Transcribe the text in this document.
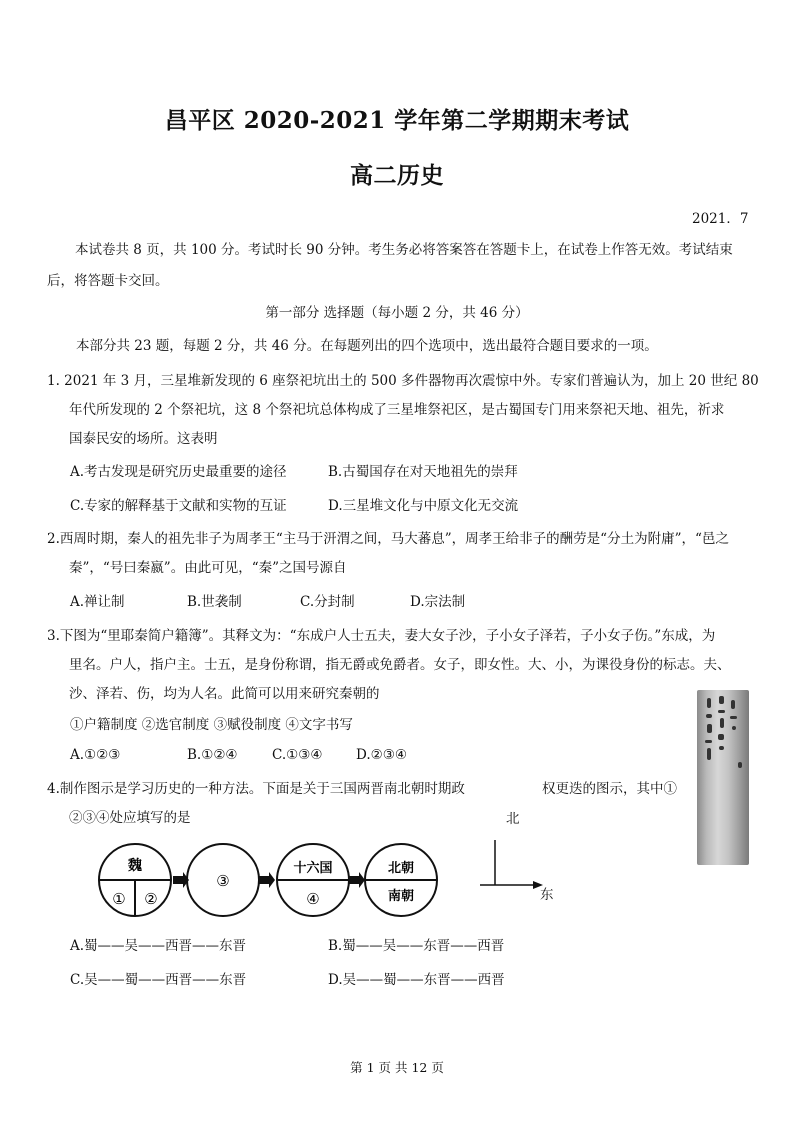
昌平区 2020-2021 学年第二学期期末考试
高二历史
2021．7
本试卷共 8 页，共 100 分。考试时长 90 分钟。考生务必将答案答在答题卡上，在试卷上作答无效。考试结束
后，将答题卡交回。
第一部分 选择题（每小题 2 分，共 46 分）
本部分共 23 题，每题 2 分，共 46 分。在每题列出的四个选项中，选出最符合题目要求的一项。
1. 2021 年 3 月，三星堆新发现的 6 座祭祀坑出土的 500 多件器物再次震惊中外。专家们普遍认为，加上 20 世纪 80
年代所发现的 2 个祭祀坑，这 8 个祭祀坑总体构成了三星堆祭祀区，是古蜀国专门用来祭祀天地、祖先，祈求
国泰民安的场所。这表明
A.考古发现是研究历史最重要的途径	B.古蜀国存在对天地祖先的崇拜
C.专家的解释基于文献和实物的互证	D.三星堆文化与中原文化无交流
2.西周时期，秦人的祖先非子为周孝王“主马于汧渭之间，马大蕃息”，周孝王给非子的酬劳是“分土为附庸”，“邑之
秦”，“号曰秦嬴”。由此可见，“秦”之国号源自
A.禅让制	B.世袭制	C.分封制	D.宗法制
3.下图为“里耶秦简户籍簿”。其释文为：“东成户人士五夫，妻大女子沙，子小女子泽若，子小女子伤。”东成，为
里名。户人，指户主。士五，是身份称谓，指无爵或免爵者。女子，即女性。大、小，为课役身份的标志。夫、
沙、泽若、伤，均为人名。此简可以用来研究秦朝的
①户籍制度 ②选官制度 ③赋役制度 ④文字书写
A.①②③	B.①②④	C.①③④ D.②③④
4.制作图示是学习历史的一种方法。下面是关于三国两晋南北朝时期政	权更迭的图示，其中①
②③④处应填写的是
魏
① ②
③
十六国
④
北朝
南朝
北
东
A.蜀——吴——西晋——东晋	B.蜀——吴——东晋——西晋
C.吴——蜀——西晋——东晋	D.吴——蜀——东晋——西晋
第 1 页 共 12 页
